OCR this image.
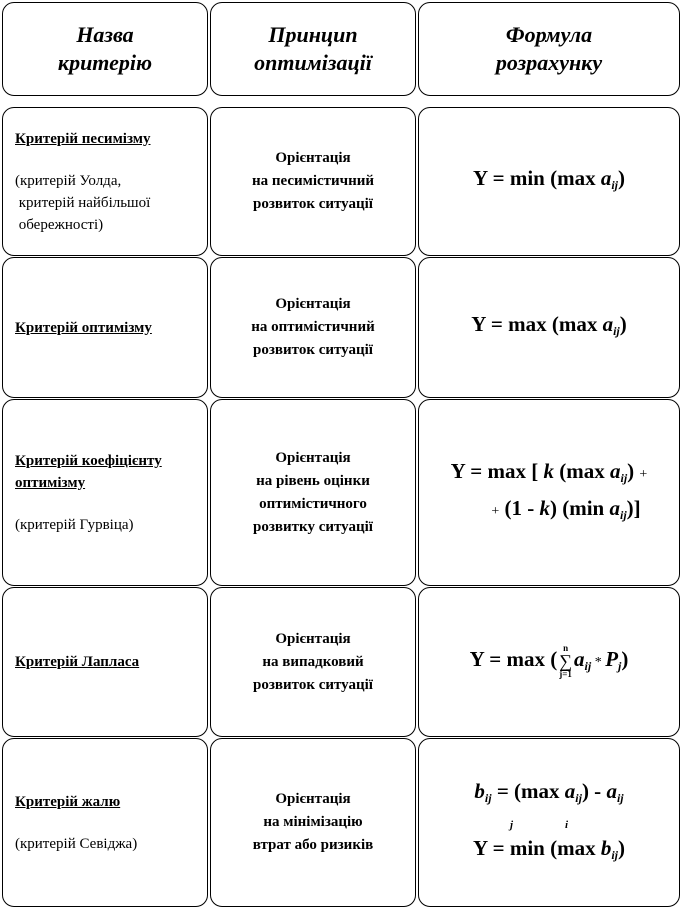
Назва
критерію
Принцип
оптимізації
Формула
розрахунку
Критерій песимізму
(критерій Уолда,
критерій найбільшої
обережності)
Орієнтація
на песимістичний
розвиток ситуації
Y = min (max $a_{ij}$)
Критерій оптимізму
Орієнтація
на оптимістичний
розвиток ситуації
Y = max (max $a_{ij}$)
Критерій коефіцієнту
оптимізму
(критерій Гурвіца)
Орієнтація
на рівень оцінки
оптимістичного
розвитку ситуації
Y = max [ k (max $a_{ij}$) +
+ (1 - k) (min $a_{ij}$)]
Критерій Лапласа
Орієнтація
на випадковий
розвиток ситуації
Y = max ( n
∑
j=1
$a_{ij} * P_j$)
Критерій жалю
(критерій Севіджа)
Орієнтація
на мінімізацію
втрат або ризиків
$b_{ij} = (\max$ $a_{ij}) - a_{ij}$
j	i
Y = min (max $b_{ij}$)
